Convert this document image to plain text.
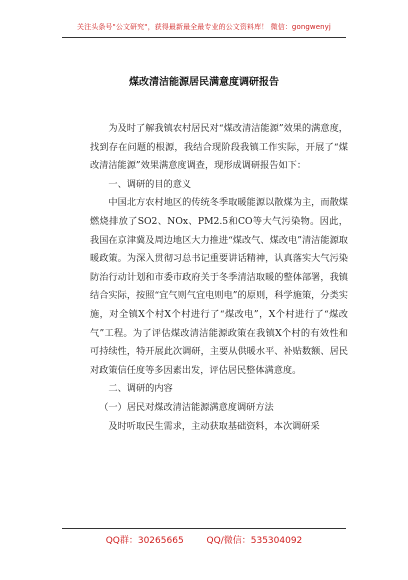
关注头条号"公文研究"，获得最新最全最专业的公文资料库！ 微信：gongwenyj
煤改清洁能源居民满意度调研报告

为及时了解我镇农村居民对“煤改清洁能源”效果的满意度，找到存在问题的根源，我结合现阶段我镇工作实际，开展了“煤改清洁能源”效果满意度调查，现形成调研报告如下：

一、调研的目的意义

中国北方农村地区的传统冬季取暖能源以散煤为主，而散煤燃烧排放了SO2、NOx、PM2.5和CO等大气污染物。因此，我国在京津冀及周边地区大力推进“煤改气、煤改电”清洁能源取暖政策。为深入贯彻习总书记重要讲话精神，认真落实大气污染防治行动计划和市委市政府关于冬季清洁取暖的整体部署，我镇结合实际，按照“宜气则气宜电则电”的原则，科学施策，分类实施，对全镇X个村X个村进行了“煤改电”，X个村进行了“煤改气”工程。为了评估煤改清洁能源政策在我镇X个村的有效性和可持续性，特开展此次调研，主要从供暖水平、补贴数额、居民对政策信任度等多因素出发，评估居民整体满意度。

二、调研的内容

（一）居民对煤改清洁能源满意度调研方法

及时听取民生需求，主动获取基础资料，本次调研采

QQ群：30265665	QQ/微信：535304092
